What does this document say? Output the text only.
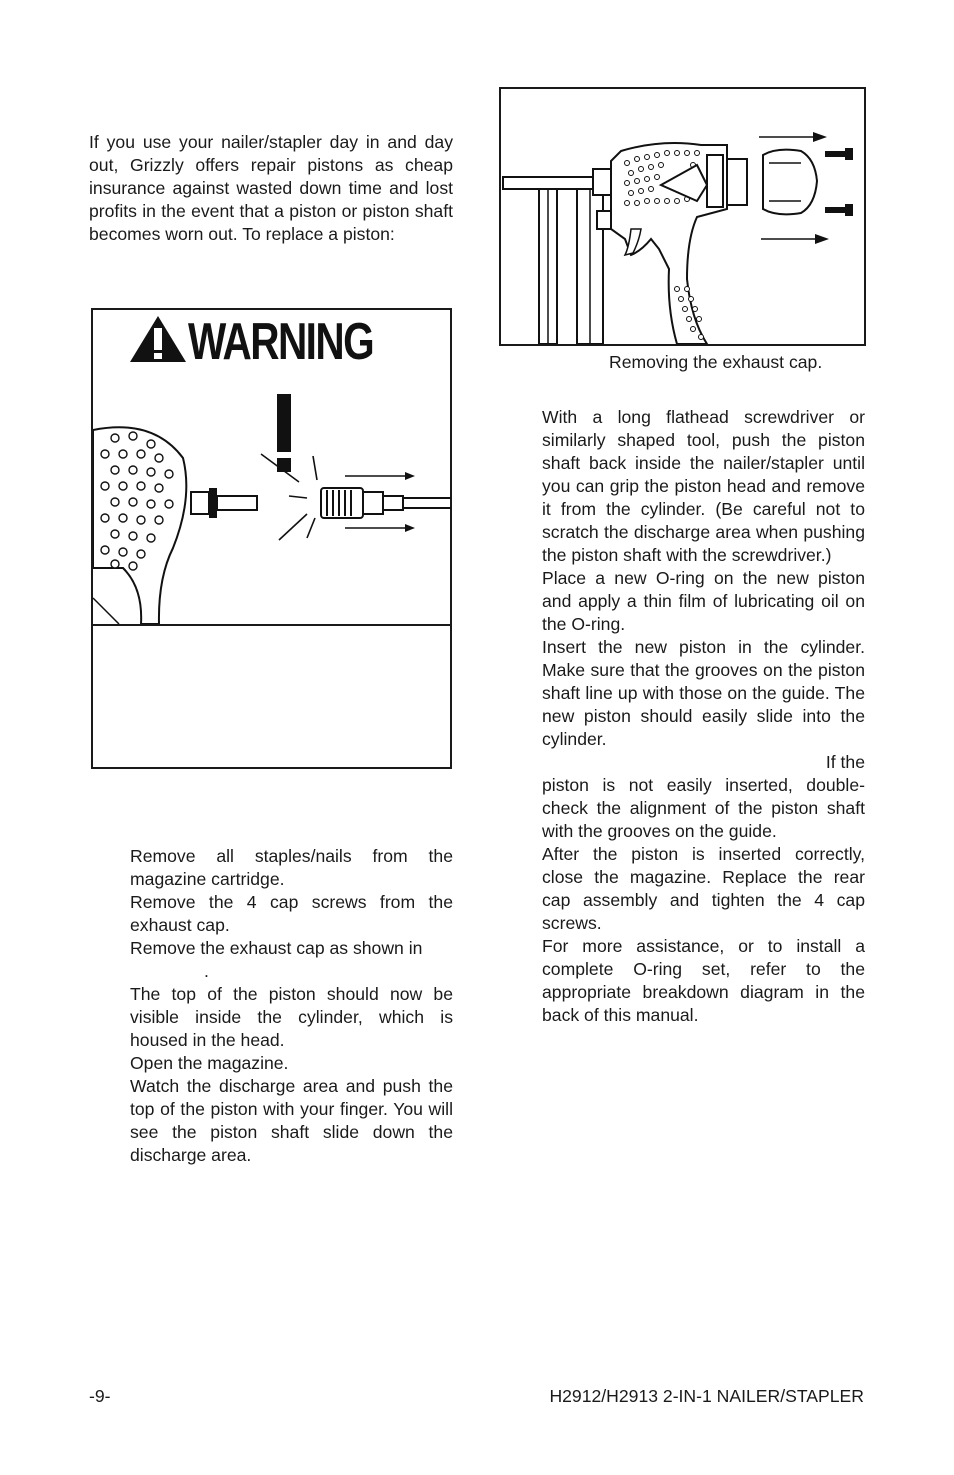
If you use your nailer/stapler day in and day out, Grizzly offers repair pistons as cheap insurance against wasted down time and lost profits in the event that a piston or piston shaft becomes worn out. To replace a piston:

WARNING

Remove all staples/nails from the magazine cartridge.

Remove the 4 cap screws from the exhaust cap.

Remove the exhaust cap as shown in

.

The top of the piston should now be visible inside the cylinder, which is housed in the head.

Open the magazine.

Watch the discharge area and push the top of the piston with your finger. You will see the piston shaft slide down the discharge area.

Removing the exhaust cap.

With a long flathead screwdriver or similarly shaped tool, push the piston shaft back inside the nailer/stapler until you can grip the piston head and remove it from the cylinder. (Be careful not to scratch the discharge area when pushing the piston shaft with the screwdriver.)

Place a new O-ring on the new piston and apply a thin film of lubricating oil on the O-ring.

Insert the new piston in the cylinder. Make sure that the grooves on the piston shaft line up with those on the guide. The new piston should easily slide into the cylinder.

If the

piston is not easily inserted, double-check the alignment of the piston shaft with the grooves on the guide.

After the piston is inserted correctly, close the magazine. Replace the rear cap assembly and tighten the 4 cap screws.

For more assistance, or to install a complete O-ring set, refer to the appropriate breakdown diagram in the back of this manual.

-9-	H2912/H2913 2-IN-1 NAILER/STAPLER
